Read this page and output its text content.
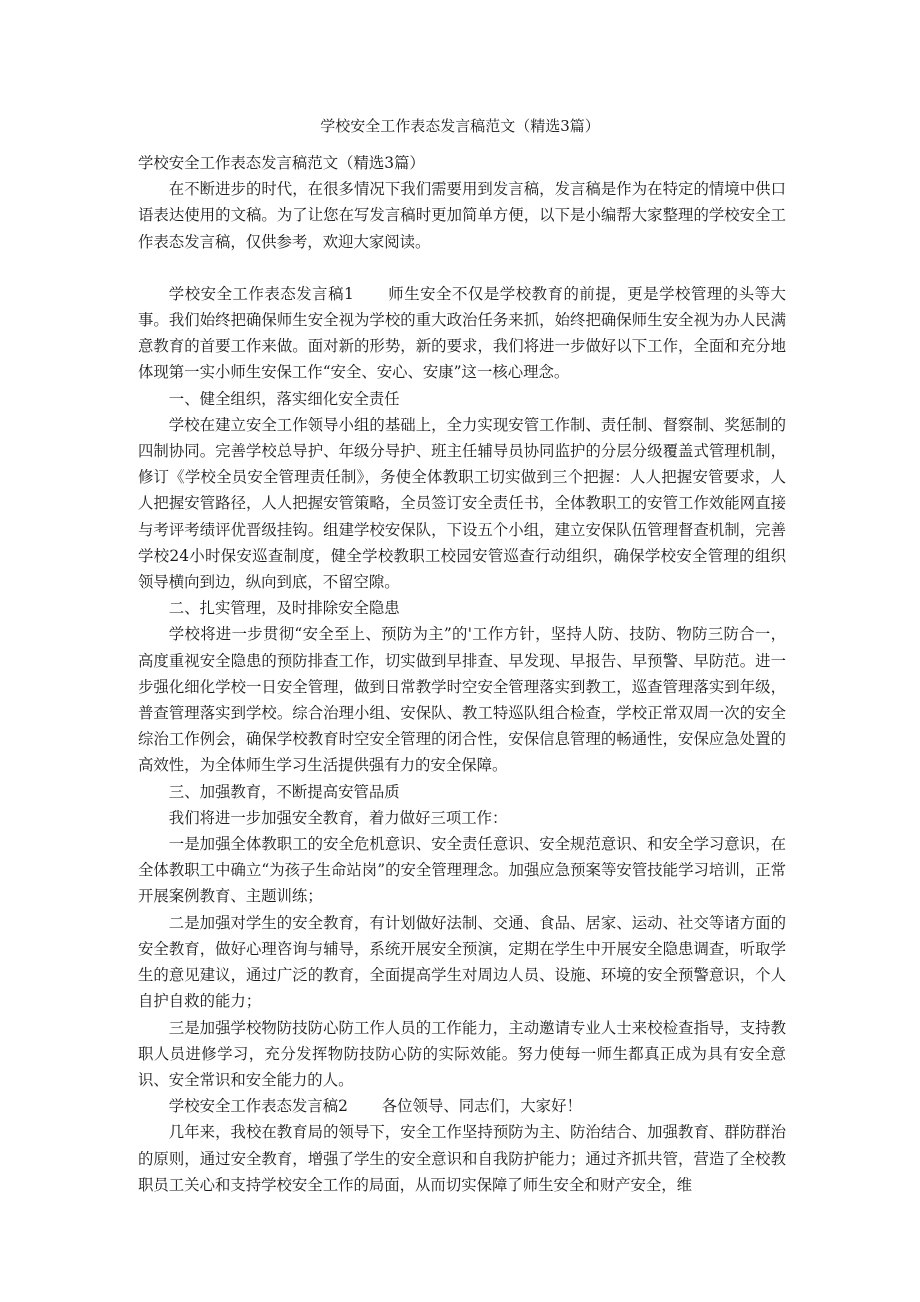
学校安全工作表态发言稿范文（精选3篇）

学校安全工作表态发言稿范文（精选3篇）

在不断进步的时代，在很多情况下我们需要用到发言稿，发言稿是作为在特定的情境中供口语表达使用的文稿。为了让您在写发言稿时更加简单方便，以下是小编帮大家整理的学校安全工作表态发言稿，仅供参考，欢迎大家阅读。

学校安全工作表态发言稿1 师生安全不仅是学校教育的前提，更是学校管理的头等大事。我们始终把确保师生安全视为学校的重大政治任务来抓，始终把确保师生安全视为办人民满意教育的首要工作来做。面对新的形势，新的要求，我们将进一步做好以下工作，全面和充分地体现第一实小师生安保工作“安全、安心、安康”这一核心理念。

一、健全组织，落实细化安全责任

学校在建立安全工作领导小组的基础上，全力实现安管工作制、责任制、督察制、奖惩制的四制协同。完善学校总导护、年级分导护、班主任辅导员协同监护的分层分级覆盖式管理机制，修订《学校全员安全管理责任制》，务使全体教职工切实做到三个把握：人人把握安管要求，人人把握安管路径，人人把握安管策略，全员签订安全责任书，全体教职工的安管工作效能网直接与考评考绩评优晋级挂钩。组建学校安保队，下设五个小组，建立安保队伍管理督查机制，完善学校24小时保安巡查制度，健全学校教职工校园安管巡查行动组织，确保学校安全管理的组织领导横向到边，纵向到底，不留空隙。

二、扎实管理，及时排除安全隐患

学校将进一步贯彻“安全至上、预防为主”的'工作方针，坚持人防、技防、物防三防合一，高度重视安全隐患的预防排查工作，切实做到早排查、早发现、早报告、早预警、早防范。进一步强化细化学校一日安全管理，做到日常教学时空安全管理落实到教工，巡查管理落实到年级，普查管理落实到学校。综合治理小组、安保队、教工特巡队组合检查，学校正常双周一次的安全综治工作例会，确保学校教育时空安全管理的闭合性，安保信息管理的畅通性，安保应急处置的高效性，为全体师生学习生活提供强有力的安全保障。

三、加强教育，不断提高安管品质

我们将进一步加强安全教育，着力做好三项工作：

一是加强全体教职工的安全危机意识、安全责任意识、安全规范意识、和安全学习意识，在全体教职工中确立“为孩子生命站岗”的安全管理理念。加强应急预案等安管技能学习培训，正常开展案例教育、主题训练；

二是加强对学生的安全教育，有计划做好法制、交通、食品、居家、运动、社交等诸方面的安全教育，做好心理咨询与辅导，系统开展安全预演，定期在学生中开展安全隐患调查，听取学生的意见建议，通过广泛的教育，全面提高学生对周边人员、设施、环境的安全预警意识，个人自护自救的能力；

三是加强学校物防技防心防工作人员的工作能力，主动邀请专业人士来校检查指导，支持教职人员进修学习，充分发挥物防技防心防的实际效能。努力使每一师生都真正成为具有安全意识、安全常识和安全能力的人。

学校安全工作表态发言稿2 各位领导、同志们，大家好！

几年来，我校在教育局的领导下，安全工作坚持预防为主、防治结合、加强教育、群防群治的原则，通过安全教育，增强了学生的安全意识和自我防护能力；通过齐抓共管，营造了全校教职员工关心和支持学校安全工作的局面，从而切实保障了师生安全和财产安全，维
